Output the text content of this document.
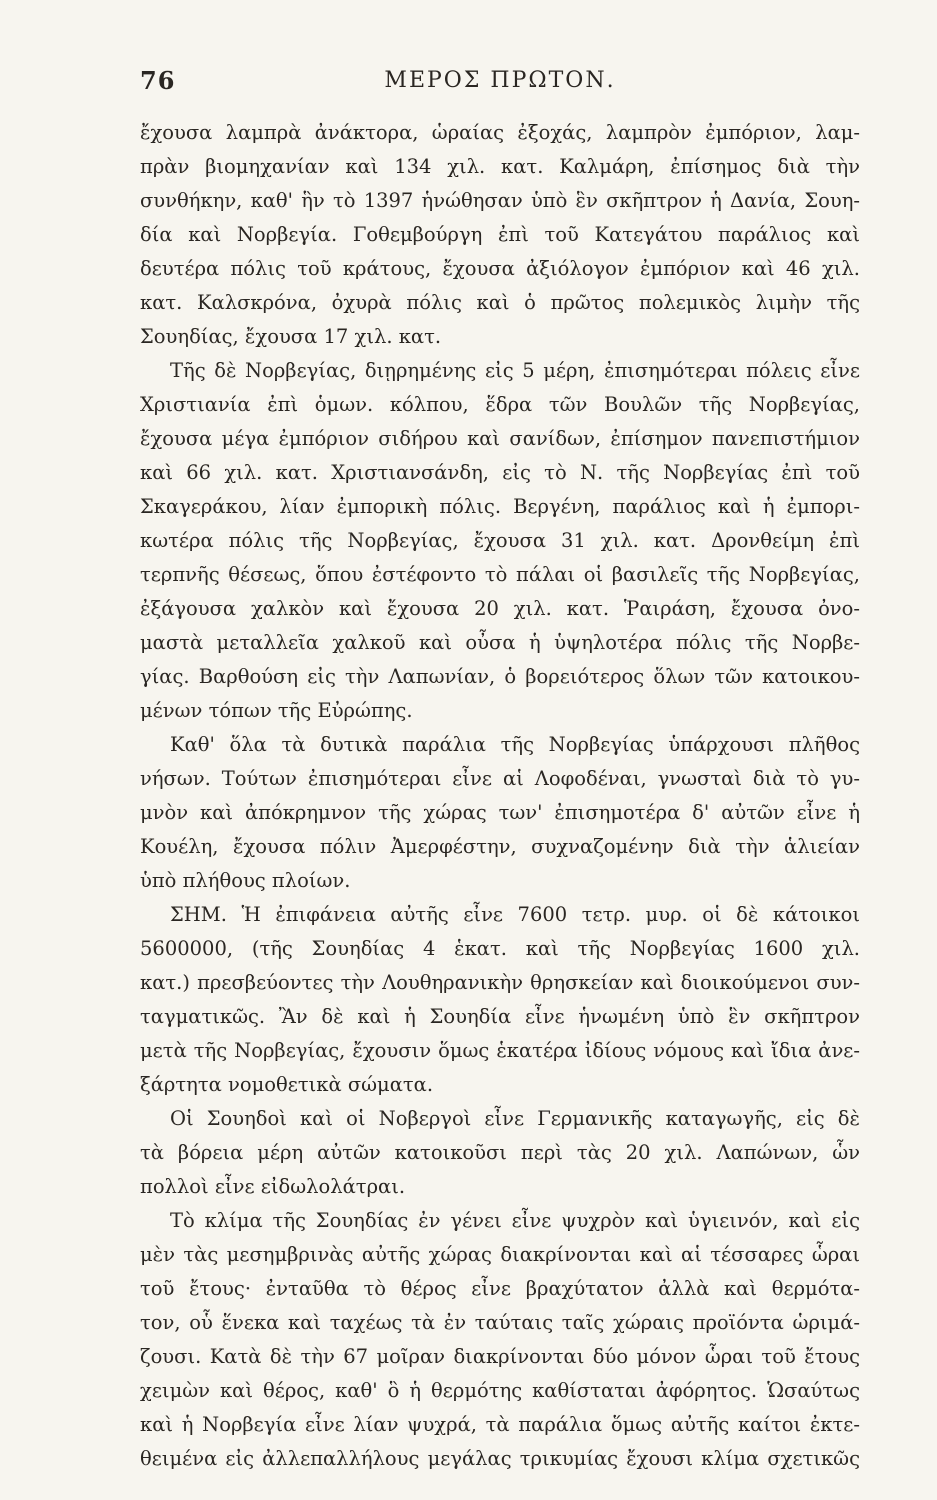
76	ΜΕΡΟΣ ΠΡΩΤΟΝ.
ἔχουσα λαμπρὰ ἀνάκτορα, ὡραίας ἐξοχάς, λαμπρὸν ἐμπόριον, λαμ-
πρὰν βιομηχανίαν καὶ 134 χιλ. κατ. Καλμάρη, ἐπίσημος διὰ τὴν
συνθήκην, καθ' ἣν τὸ 1397 ἡνώθησαν ὑπὸ ἓν σκῆπτρον ἡ Δανία, Σουη-
δία καὶ Νορβεγία. Γοθεμβούργη ἐπὶ τοῦ Κατεγάτου παράλιος καὶ
δευτέρα πόλις τοῦ κράτους, ἔχουσα ἀξιόλογον ἐμπόριον καὶ 46 χιλ.
κατ. Καλσκρόνα, ὀχυρὰ πόλις καὶ ὁ πρῶτος πολεμικὸς λιμὴν τῆς
Σουηδίας, ἔχουσα 17 χιλ. κατ.
Τῆς δὲ Νορβεγίας, διῃρημένης εἰς 5 μέρη, ἐπισημότεραι πόλεις εἶνε
Χριστιανία ἐπὶ ὁμων. κόλπου, ἕδρα τῶν Βουλῶν τῆς Νορβεγίας,
ἔχουσα μέγα ἐμπόριον σιδήρου καὶ σανίδων, ἐπίσημον πανεπιστήμιον
καὶ 66 χιλ. κατ. Χριστιανσάνδη, εἰς τὸ Ν. τῆς Νορβεγίας ἐπὶ τοῦ
Σκαγεράκου, λίαν ἐμπορικὴ πόλις. Βεργένη, παράλιος καὶ ἡ ἐμπορι-
κωτέρα πόλις τῆς Νορβεγίας, ἔχουσα 31 χιλ. κατ. Δρονθείμη ἐπὶ
τερπνῆς θέσεως, ὅπου ἐστέφοντο τὸ πάλαι οἱ βασιλεῖς τῆς Νορβεγίας,
ἐξάγουσα χαλκὸν καὶ ἔχουσα 20 χιλ. κατ. Ῥαιράση, ἔχουσα ὀνο-
μαστὰ μεταλλεῖα χαλκοῦ καὶ οὖσα ἡ ὑψηλοτέρα πόλις τῆς Νορβε-
γίας. Βαρθούση εἰς τὴν Λαπωνίαν, ὁ βορειότερος ὅλων τῶν κατοικου-
μένων τόπων τῆς Εὐρώπης.
Καθ' ὅλα τὰ δυτικὰ παράλια τῆς Νορβεγίας ὑπάρχουσι πλῆθος
νήσων. Τούτων ἐπισημότεραι εἶνε αἱ Λοφοδέναι, γνωσταὶ διὰ τὸ γυ-
μνὸν καὶ ἀπόκρημνον τῆς χώρας των' ἐπισημοτέρα δ' αὐτῶν εἶνε ἡ
Κουέλη, ἔχουσα πόλιν Ἀμερφέστην, συχναζομένην διὰ τὴν ἁλιείαν
ὑπὸ πλήθους πλοίων.
ΣΗΜ. Ἡ ἐπιφάνεια αὐτῆς εἶνε 7600 τετρ. μυρ. οἱ δὲ κάτοικοι
5600000, (τῆς Σουηδίας 4 ἑκατ. καὶ τῆς Νορβεγίας 1600 χιλ.
κατ.) πρεσβεύοντες τὴν Λουθηρανικὴν θρησκείαν καὶ διοικούμενοι συν-
ταγματικῶς. Ἂν δὲ καὶ ἡ Σουηδία εἶνε ἡνωμένη ὑπὸ ἓν σκῆπτρον
μετὰ τῆς Νορβεγίας, ἔχουσιν ὅμως ἑκατέρα ἰδίους νόμους καὶ ἴδια ἀνε-
ξάρτητα νομοθετικὰ σώματα.
Οἱ Σουηδοὶ καὶ οἱ Νοβεργοὶ εἶνε Γερμανικῆς καταγωγῆς, εἰς δὲ
τὰ βόρεια μέρη αὐτῶν κατοικοῦσι περὶ τὰς 20 χιλ. Λαπώνων, ὧν
πολλοὶ εἶνε εἰδωλολάτραι.
Τὸ κλίμα τῆς Σουηδίας ἐν γένει εἶνε ψυχρὸν καὶ ὑγιεινόν, καὶ εἰς
μὲν τὰς μεσημβρινὰς αὐτῆς χώρας διακρίνονται καὶ αἱ τέσσαρες ὧραι
τοῦ ἔτους· ἐνταῦθα τὸ θέρος εἶνε βραχύτατον ἀλλὰ καὶ θερμότα-
τον, οὗ ἕνεκα καὶ ταχέως τὰ ἐν ταύταις ταῖς χώραις προϊόντα ὡριμά-
ζουσι. Κατὰ δὲ τὴν 67 μοῖραν διακρίνονται δύο μόνον ὧραι τοῦ ἔτους
χειμὼν καὶ θέρος, καθ' ὃ ἡ θερμότης καθίσταται ἀφόρητος. Ὡσαύτως
καὶ ἡ Νορβεγία εἶνε λίαν ψυχρά, τὰ παράλια ὅμως αὐτῆς καίτοι ἐκτε-
θειμένα εἰς ἀλλεπαλλήλους μεγάλας τρικυμίας ἔχουσι κλίμα σχετικῶς
